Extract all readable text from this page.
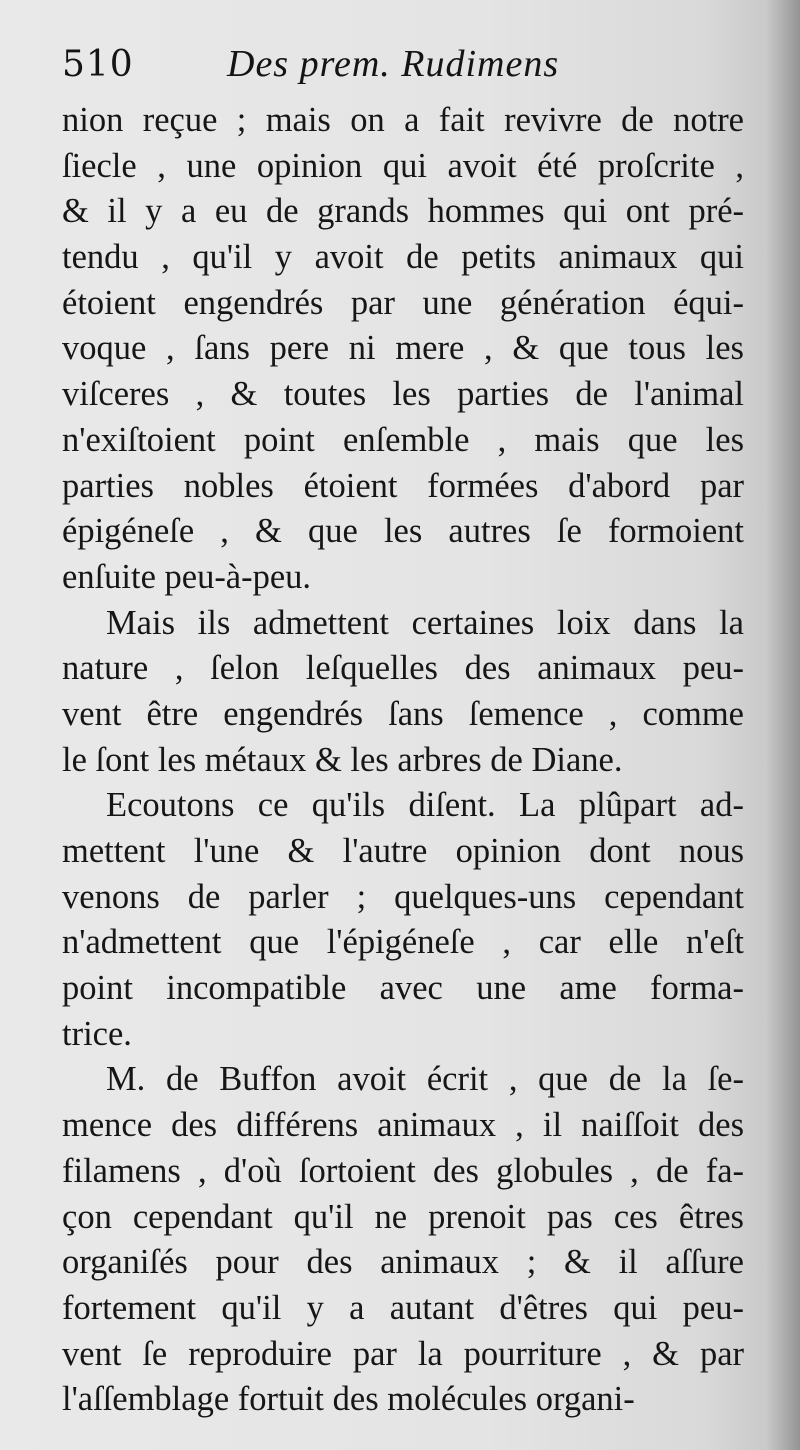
510 Des prem. Rudimens
nion reçue ; mais on a fait revivre de notre
ſiecle , une opinion qui avoit été proſcrite ,
& il y a eu de grands hommes qui ont pré-
tendu , qu'il y avoit de petits animaux qui
étoient engendrés par une génération équi-
voque , ſans pere ni mere , & que tous les
viſceres , & toutes les parties de l'animal
n'exiſtoient point enſemble , mais que les
parties nobles étoient formées d'abord par
épigéneſe , & que les autres ſe formoient
enſuite peu-à-peu.
Mais ils admettent certaines loix dans la
nature , ſelon leſquelles des animaux peu-
vent être engendrés ſans ſemence , comme
le ſont les métaux & les arbres de Diane.
Ecoutons ce qu'ils diſent. La plûpart ad-
mettent l'une & l'autre opinion dont nous
venons de parler ; quelques-uns cependant
n'admettent que l'épigéneſe , car elle n'eſt
point incompatible avec une ame forma-
trice.
M. de Buffon avoit écrit , que de la ſe-
mence des différens animaux , il naiſſoit des
filamens , d'où ſortoient des globules , de fa-
çon cependant qu'il ne prenoit pas ces êtres
organiſés pour des animaux ; & il aſſure
fortement qu'il y a autant d'êtres qui peu-
vent ſe reproduire par la pourriture , & par
l'aſſemblage fortuit des molécules organi-
